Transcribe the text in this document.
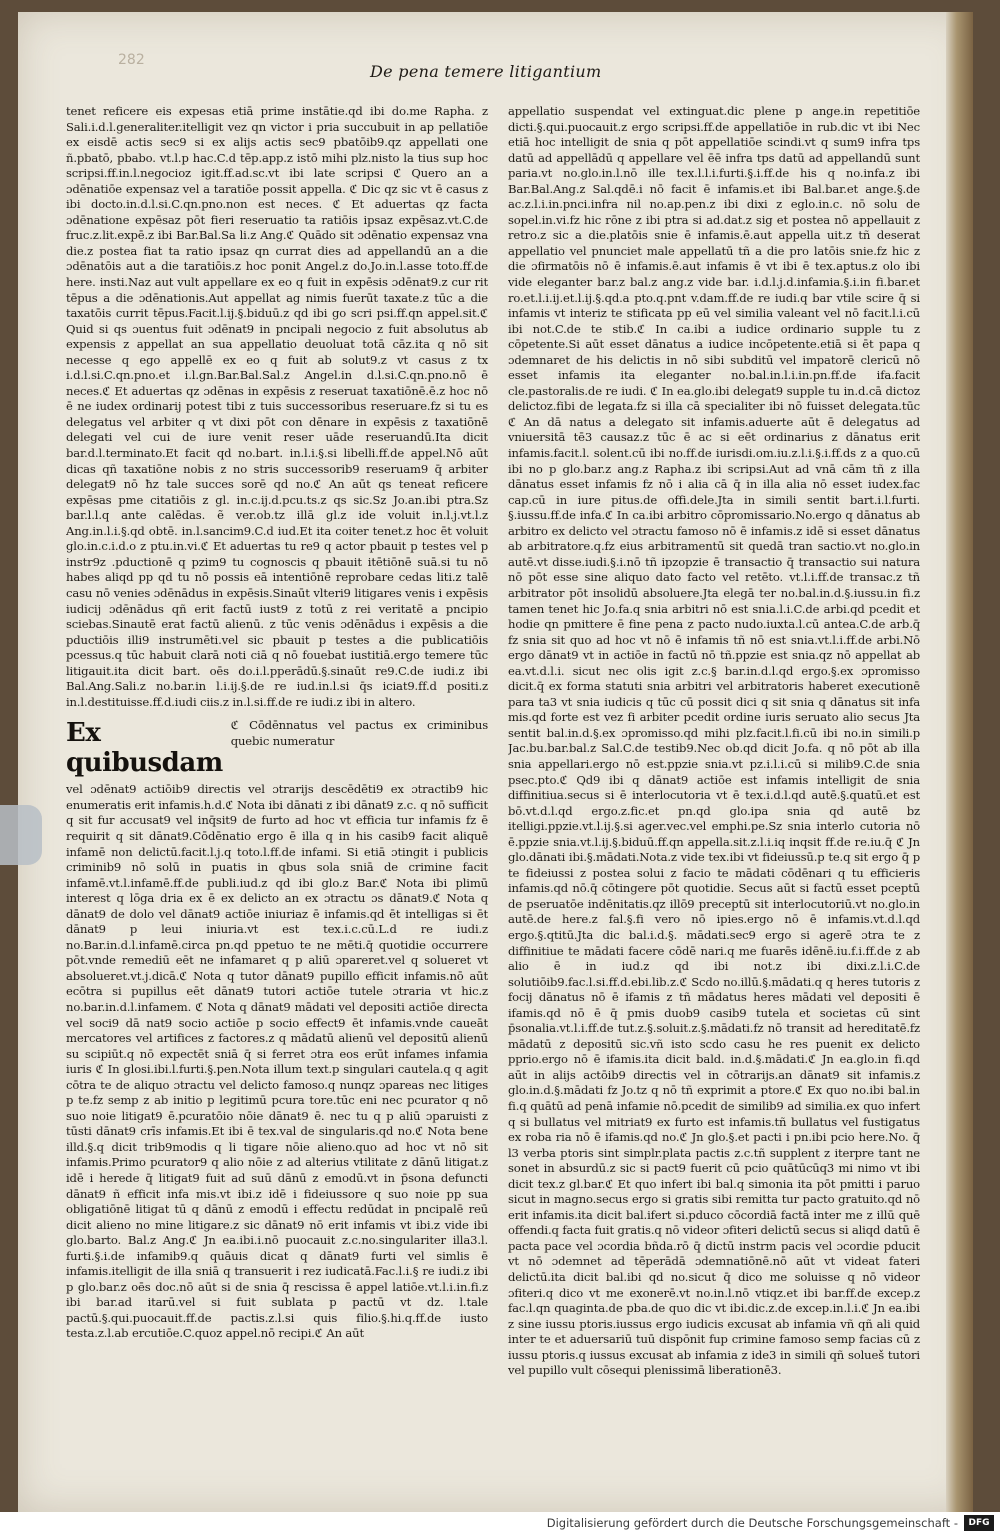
282
De pena temere litigantium

tenet reficere eis expesas etiā prime instātie.qd ibi do.me Rapha. z Sali.i.d.l.generaliter.itelligit vez qn victor i pria succubuit in ap pellatiōe ex eisdē actis sec9 si ex alijs actis sec9 pbatōib9.qz appellati one ñ.pbatō, pbabo. vt.l.p hac.C.d tēp.app.z istō mihi plz.nisto la tius sup hoc scripsi.ff.in.l.negocioz igit.ff.ad.sc.vt ibi late scripsi ℭ Quero an a ɔdēnatiōe expensaz vel a taratiōe possit appella. ℭ Dic qz sic vt ē casus z ibi docto.in.d.l.si.C.qn.pno.non est neces. ℭ Et aduertas qz facta ɔdēnatione expēsaz pōt fieri reseruatio ta ratiōis ipsaz expēsaz.vt.C.de fruc.z.lit.expē.z ibi Bar.Bal.Sa li.z Ang.ℭ Quādo sit ɔdēnatio expensaz vna die.z postea fiat ta ratio ipsaz qn currat dies ad appellandū an a die ɔdēnatōis aut a die taratiōis.z hoc ponit Angel.z do.Jo.in.l.asse toto.ff.de here. insti.Naz aut vult appellare ex eo q fuit in expēsis ɔdēnat9.z cur rit tēpus a die ɔdēnationis.Aut appellat ag nimis fuerūt taxate.z tūc a die taxatōis currit tēpus.Facit.l.ij.§.biduū.z qd ibi go scri psi.ff.qn appel.sit.ℭ Quid si qs ɔuentus fuit ɔdēnat9 in pncipali negocio z fuit absolutus ab expensis z appellat an sua appellatio deuoluat totā cāz.ita q nō sit necesse q ego appellē ex eo q fuit ab solut9.z vt casus z tx i.d.l.si.C.qn.pno.et i.l.gn.Bar.Bal.Sal.z Angel.in d.l.si.C.qn.pno.nō ē neces.ℭ Et aduertas qz ɔdēnas in expēsis z reseruat taxatiōnē.ē.z hoc nō ē ne iudex ordinarij potest tibi z tuis successoribus reseruare.fz si tu es delegatus vel arbiter q vt dixi pōt con dēnare in expēsis z taxatiōnē delegati vel cui de iure venit reser uāde reseruandū.Ita dicit bar.d.l.terminato.Et facit qd no.bart. in.l.i.§.si libelli.ff.de appel.Nō aūt dicas qñ taxatiōne nobis z no stris successorib9 reseruam9 q̄ arbiter delegat9 nō ħz tale succes sorē qd no.ℭ An aūt qs teneat reficere expēsas pme citatiōis z gl. in.c.ij.d.pcu.ts.z qs sic.Sz Jo.an.ibi ptra.Sz bar.l.l.q ante calēdas. ẽ ver.ob.tz illā gl.z ide voluit in.l.j.vt.l.z Ang.in.l.i.§.qd obtē. in.l.sancim9.C.d iud.Et ita coiter tenet.z hoc ēt voluit glo.in.c.i.d.o z ptu.in.vi.ℭ Et aduertas tu re9 q actor pbauit p testes vel p instr9z .pductionē q pzim9 tu cognoscis q pbauit itētiōnē suā.si tu nō habes aliqd pp qd tu nō possis eā intentiōnē reprobare cedas liti.z talē casu nō venies ɔdēnādus in expēsis.Sinaūt vlteri9 litigares venis i expēsis iudicij ɔdēnādus qñ erit factū iust9 z totū z rei veritatē a pncipio sciebas.Sinautē erat factū alienū. z tūc venis ɔdēnādus i expēsis a die pductiōis illi9 instrumēti.vel sic pbauit p testes a die publicatiōis pcessus.q tūc habuit clarā noti ciā q nō fouebat iustitiā.ergo temere tūc litigauit.ita dicit bart. oēs do.i.l.pperādū.§.sinaūt re9.C.de iudi.z ibi Bal.Ang.Sali.z no.bar.in l.i.ij.§.de re iud.in.l.si q̄s iciat9.ff.d positi.z in.l.destituisse.ff.d.iudi ciis.z in.l.si.ff.de re iudi.z ibi in altero.

Ex quibusdam
ℭ Cōdēnnatus vel pactus ex criminibus quebic numeratur

vel ɔdēnat9 actiōib9 directis vel ɔtrarijs descēdēti9 ex ɔtractib9 hic enumeratis erit infamis.h.d.ℭ Nota ibi dānati z ibi dānat9 z.c. q nō sufficit q sit fur accusat9 vel inq̄sit9 de furto ad hoc vt efficia tur infamis fz ē requirit q sit dānat9.Cōdēnatio ergo ē illa q in his casib9 facit aliquē infamē non delictū.facit.l.j.q toto.l.ff.de infami. Si etiā ɔtingit i publicis criminib9 nō solū in puatis in qbus sola sniā de crimine facit infamē.vt.l.infamē.ff.de publi.iud.z qd ibi glo.z Bar.ℭ Nota ibi plimū interest q lōga dria ex ē ex delicto an ex ɔtractu ɔs dānat9.ℭ Nota q dānat9 de dolo vel dānat9 actiōe iniuriaz ē infamis.qd ēt intelligas si ēt dānat9 p leui iniuria.vt est tex.i.c.cū.L.d re iudi.z no.Bar.in.d.l.infamē.circa pn.qd ppetuo te ne mēti.q̄ quotidie occurrere pōt.vnde remediū eēt ne infamaret q p aliū ɔpareret.vel q solueret vt absolueret.vt.j.dicā.ℭ Nota q tutor dānat9 pupillo efficit infamis.nō aūt ecōtra si pupillus eēt dānat9 tutori actiōe tutele ɔtraria vt hic.z no.bar.in.d.l.infamem. ℭ Nota q dānat9 mādati vel depositi actiōe directa vel soci9 dā nat9 socio actiōe p socio effect9 ēt infamis.vnde caueāt mercatores vel artifices z factores.z q mādatū alienū vel depositū alienū su scipiūt.q nō expectēt sniā q̄ si ferret ɔtra eos erūt infames infamia iuris ℭ In glosi.ibi.l.furti.§.pen.Nota illum text.p singulari cautela.q q agit cōtra te de aliquo ɔtractu vel delicto famoso.q nunqz ɔpareas nec litiges p te.fz semp z ab initio p legitimū pcura tore.tūc eni nec pcurator q nō suo noie litigat9 ē.pcuratōio nōie dānat9 ē. nec tu q p aliū ɔparuisti z tūsti dānat9 crīs infamis.Et ibi ē tex.val de singularis.qd no.ℭ Nota bene illd.§.q dicit trib9modis q li tigare nōie alieno.quo ad hoc vt nō sit infamis.Primo pcurator9 q alio nōie z ad alterius vtilitate z dānū litigat.z idē i herede q̄ litigat9 fuit ad suū dānū z emodū.vt in p̄sona defuncti dānat9 ñ efficit infa mis.vt ibi.z idē i fideiussore q suo noie pp sua obligatiōnē litigat tū q dānū z emodū i effectu redūdat in pncipalē reū dicit alieno no mine litigare.z sic dānat9 nō erit infamis vt ibi.z vide ibi glo.barto. Bal.z Ang.ℭ Jn ea.ibi.i.nō puocauit z.c.no.singulariter illa3.l. furti.§.i.de infamib9.q quāuis dicat q dānat9 furti vel simlis ē infamis.itelligit de illa sniā q transuerit i rez iudicatā.Fac.l.i.§ re iudi.z ibi p glo.bar.z oēs doc.nō aūt si de snia q̄ rescissa ē appel latiōe.vt.l.i.in.fi.z ibi bar.ad itarū.vel si fuit sublata p pactū vt dz. l.tale pactū.§.qui.puocauit.ff.de pactis.z.l.si quis filio.§.hi.q.ff.de iusto testa.z.l.ab ercutiōe.C.quoz appel.nō recipi.ℭ An aūt

appellatio suspendat vel extinguat.dic plene p ange.in repetitiōe dicti.§.qui.puocauit.z ergo scripsi.ff.de appellatiōe in rub.dic vt ibi Nec etiā hoc intelligit de snia q pōt appellatiōe scindi.vt q sum9 infra tps datū ad appellādū q appellare vel ēē infra tps datū ad appellandū sunt paria.vt no.glo.in.l.nō ille tex.l.l.i.furti.§.i.ff.de his q no.infa.z ibi Bar.Bal.Ang.z Sal.qdē.i nō facit ē infamis.et ibi Bal.bar.et ange.§.de ac.z.l.i.in.pnci.infra nil no.ap.pen.z ibi dixi z eglo.in.c. nō solu de sopel.in.vi.fz hic rōne z ibi ptra si ad.dat.z sig et postea nō appellauit z retro.z sic a die.platōis snie ē infamis.ē.aut appella uit.z tñ deserat appellatio vel pnunciet male appellatū tñ a die pro latōis snie.fz hic z die ɔfirmatōis nō ē infamis.ē.aut infamis ē vt ibi ē tex.aptus.z olo ibi vide eleganter bar.z bal.z ang.z vide bar. i.d.l.j.d.infamia.§.i.in fi.bar.et ro.et.l.i.ij.et.l.ij.§.qd.a pto.q.pnt v.dam.ff.de re iudi.q bar vtile scire q̄ si infamis vt interiz te stificata pp eū vel similia valeant vel nō facit.l.i.cū ibi not.C.de te stib.ℭ In ca.ibi a iudice ordinario supple tu z cōpetente.Si aūt esset dānatus a iudice incōpetente.etiā si ēt papa q ɔdemnaret de his delictis in nō sibi subditū vel impatorē clericū nō esset infamis ita eleganter no.bal.in.l.i.in.pn.ff.de ifa.facit cle.pastoralis.de re iudi. ℭ In ea.glo.ibi delegat9 supple tu in.d.cā dictoz delictoz.fibi de legata.fz si illa cā specialiter ibi nō fuisset delegata.tūc ℭ An dā natus a delegato sit infamis.aduerte aūt ē delegatus ad vniuersitā tē3 causaz.z tūc ē ac si eēt ordinarius z dānatus erit infamis.facit.l. solent.cū ibi no.ff.de iurisdi.om.iu.z.l.i.§.i.ff.ds z a quo.cū ibi no p glo.bar.z ang.z Rapha.z ibi scripsi.Aut ad vnā cām tñ z illa dānatus esset infamis fz nō i alia cā q̄ in illa alia nō esset iudex.fac cap.cū in iure pitus.de offi.dele.Jta in simili sentit bart.i.l.furti. §.iussu.ff.de infa.ℭ In ca.ibi arbitro cōpromissario.No.ergo q dānatus ab arbitro ex delicto vel ɔtractu famoso nō ē infamis.z idē si esset dānatus ab arbitratore.q.fz eius arbitramentū sit quedā tran sactio.vt no.glo.in autē.vt disse.iudi.§.i.nō tñ ipzopzie ē transactio q̄ transactio sui natura nō pōt esse sine aliquo dato facto vel retēto. vt.l.i.ff.de transac.z tñ arbitrator pōt insolidū absoluere.Jta elegā ter no.bal.in.d.§.iussu.in fi.z tamen tenet hic Jo.fa.q snia arbitri nō est snia.l.i.C.de arbi.qd pcedit et hodie qn pmittere ē fine pena z pacto nudo.iuxta.l.cū antea.C.de arb.q̄ fz snia sit quo ad hoc vt nō ē infamis tñ nō est snia.vt.l.i.ff.de arbi.Nō ergo dānat9 vt in actiōe in factū nō tñ.ppzie est snia.qz nō appellat ab ea.vt.d.l.i. sicut nec olis igit z.c.§ bar.in.d.l.qd ergo.§.ex ɔpromisso dicit.q̄ ex forma statuti snia arbitri vel arbitratoris haberet executionē para ta3 vt snia iudicis q tūc cū possit dici q sit snia q dānatus sit infa mis.qd forte est vez fi arbiter pcedit ordine iuris seruato alio secus Jta sentit bal.in.d.§.ex ɔpromisso.qd mihi plz.facit.l.fi.cū ibi no.in simili.p Jac.bu.bar.bal.z Sal.C.de testib9.Nec ob.qd dicit Jo.fa. q nō pōt ab illa snia appellari.ergo nō est.ppzie snia.vt pz.i.l.i.cū si milib9.C.de snia psec.pto.ℭ Qd9 ibi q dānat9 actiōe est infamis intelligit de snia diffinitiua.secus si ē interlocutoria vt ē tex.i.d.l.qd autē.§.quatū.et est bō.vt.d.l.qd ergo.z.fic.et pn.qd glo.ipa snia qd autē bz itelligi.ppzie.vt.l.ij.§.si ager.vec.vel emphi.pe.Sz snia interlo cutoria nō ē.ppzie snia.vt.l.ij.§.biduū.ff.qn appella.sit.z.l.i.iq inqsit ff.de re.iu.q̄ ℭ Jn glo.dānati ibi.§.mādati.Nota.z vide tex.ibi vt fideiussū.p te.q sit ergo q̄ p te fideiussi z postea solui z facio te mādati cōdēnari q tu efficieris infamis.qd nō.q̄ cōtingere pōt quotidie. Secus aūt si factū esset pceptū de pseruatōe indēnitatis.qz illō9 preceptū sit interlocutoriū.vt no.glo.in autē.de here.z fal.§.fi vero nō ipies.ergo nō ē infamis.vt.d.l.qd ergo.§.qtitū.Jta dic bal.i.d.§. mādati.sec9 ergo si agerē ɔtra te z diffinitiue te mādati facere cōdē nari.q me fuarēs idēnē.iu.f.i.ff.de z ab alio ē in iud.z qd ibi not.z ibi dixi.z.l.i.C.de solutiōib9.fac.l.si.ff.d.ebi.lib.z.ℭ Scdo no.illū.§.mādati.q q heres tutoris z focij dānatus nō ē ifamis z tñ mādatus heres mādati vel depositi ē ifamis.qd nō ē q̄ pmis duob9 casib9 tutela et societas cū sint p̄sonalia.vt.l.i.ff.de tut.z.§.soluit.z.§.mādati.fz nō transit ad hereditatē.fz mādatū z depositū sic.vñ isto scdo casu he res puenit ex delicto pprio.ergo nō ē ifamis.ita dicit bald. in.d.§.mādati.ℭ Jn ea.glo.in fi.qd aūt in alijs actōib9 directis vel in cōtrarijs.an dānat9 sit infamis.z glo.in.d.§.mādati fz Jo.tz q nō tñ exprimit a ptore.ℭ Ex quo no.ibi bal.in fi.q quātū ad penā infamie nō.pcedit de similib9 ad similia.ex quo infert q si bullatus vel mitriat9 ex furto est infamis.tñ bullatus vel fustigatus ex roba ria nō ē ifamis.qd no.ℭ Jn glo.§.et pacti i pn.ibi pcio here.No. q̄ l3 verba ptoris sint simplr.plata pactis z.c.tñ supplent z iterpre tant ne sonet in absurdū.z sic si pact9 fuerit cū pcio quātūcūq3 mi nimo vt ibi dicit tex.z gl.bar.ℭ Et quo infert ibi bal.q simonia ita pōt pmitti i paruo sicut in magno.secus ergo si gratis sibi remitta tur pacto gratuito.qd nō erit infamis.ita dicit bal.ifert si.pduco cōcordiā factā inter me z illū quē offendi.q facta fuit gratis.q nō videor ɔfiteri delictū secus si aliqd datū ē pacta pace vel ɔcordia bñda.rō q̄ dictū instrm pacis vel ɔcordie pducit vt nō ɔdemnet ad tēperādā ɔdemnatiōnē.nō aūt vt videat fateri delictū.ita dicit bal.ibi qd no.sicut q̄ dico me soluisse q nō videor ɔfiteri.q dico vt me exonerē.vt no.in.l.nō vtiqz.et ibi bar.ff.de excep.z fac.l.qn quaginta.de pba.de quo dic vt ibi.dic.z.de excep.in.l.i.ℭ Jn ea.ibi z sine iussu ptoris.iussus ergo iudicis excusat ab infamia vñ qñ ali quid inter te et aduersariū tuū dispōnit fup crimine famoso semp facias cū z iussu ptoris.q iussus excusat ab infamia z ide3 in simili qñ solueš tutori vel pupillo vult cōsequi plenissimā liberationē3.

Digitalisierung gefördert durch die Deutsche Forschungsgemeinschaft -	DFG
